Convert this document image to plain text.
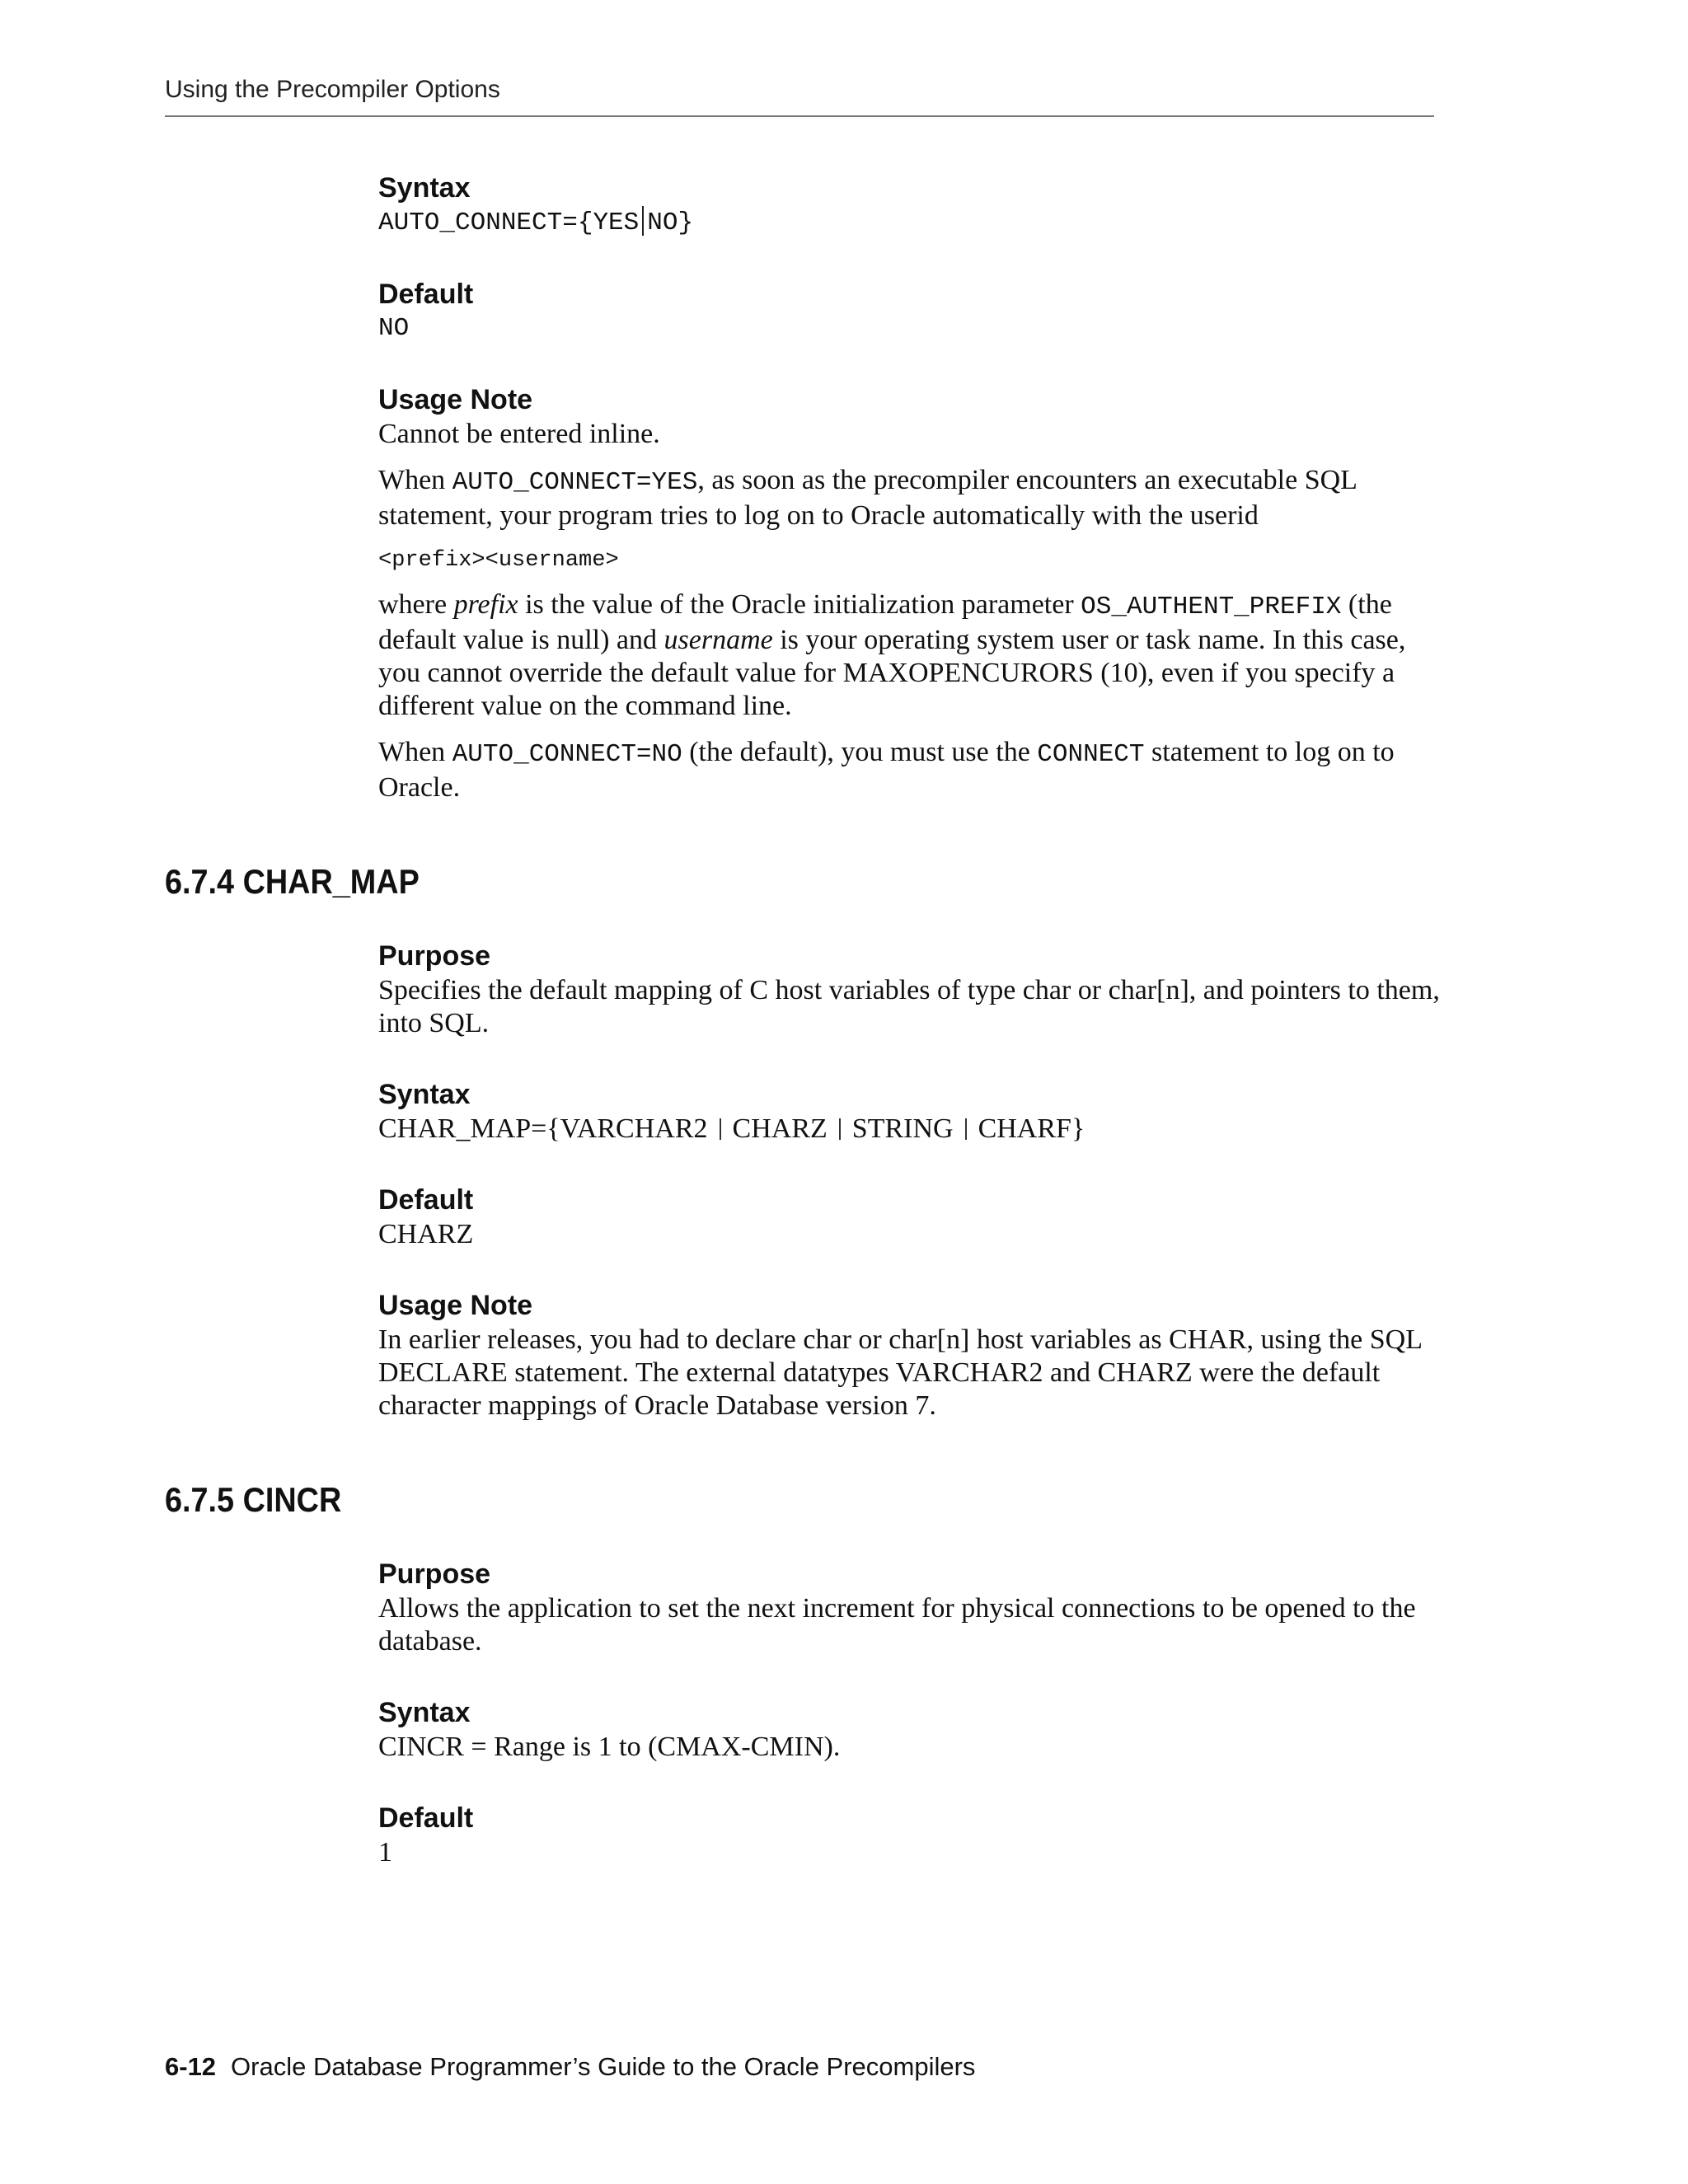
Using the Precompiler Options
Syntax

AUTO_CONNECT={YES NO}

Default

NO

Usage Note

Cannot be entered inline.

When AUTO_CONNECT=YES, as soon as the precompiler encounters an executable SQL statement, your program tries to log on to Oracle automatically with the userid

<prefix><username>

where prefix is the value of the Oracle initialization parameter OS_AUTHENT_PREFIX (the default value is null) and username is your operating system user or task name. In this case, you cannot override the default value for MAXOPENCURORS (10), even if you specify a different value on the command line.

When AUTO_CONNECT=NO (the default), you must use the CONNECT statement to log on to Oracle.

6.7.4 CHAR_MAP
Purpose

Specifies the default mapping of C host variables of type char or char[n], and pointers to them, into SQL.

Syntax

CHAR_MAP={VARCHAR2 CHARZ STRING CHARF}

Default

CHARZ

Usage Note

In earlier releases, you had to declare char or char[n] host variables as CHAR, using the SQL DECLARE statement. The external datatypes VARCHAR2 and CHARZ were the default character mappings of Oracle Database version 7.

6.7.5 CINCR
Purpose

Allows the application to set the next increment for physical connections to be opened to the database.

Syntax

CINCR = Range is 1 to (CMAX-CMIN).

Default

1

6-12 Oracle Database Programmer’s Guide to the Oracle Precompilers
